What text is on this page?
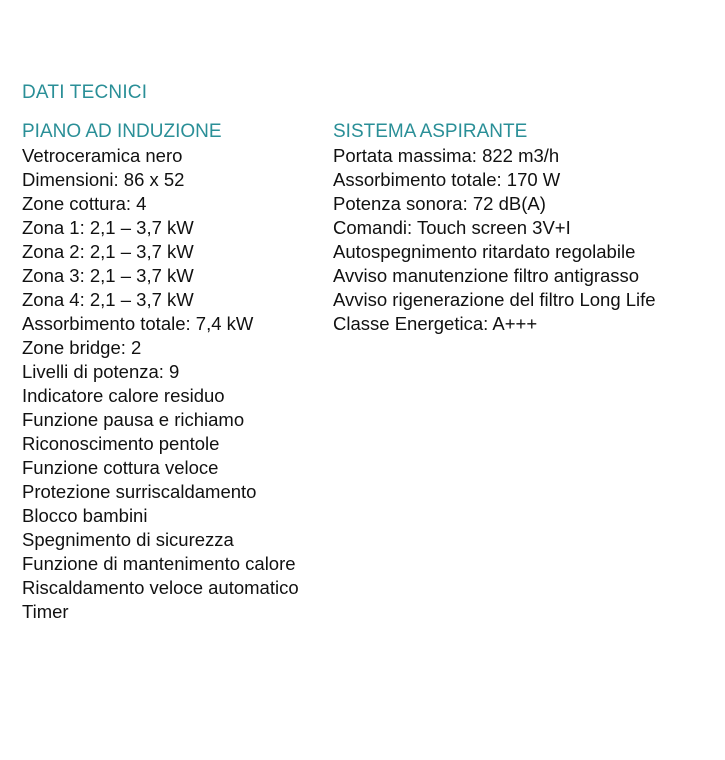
DATI TECNICI
PIANO AD INDUZIONE
Vetroceramica nero
Dimensioni: 86 x 52
Zone cottura: 4
Zona 1: 2,1 – 3,7 kW
Zona 2: 2,1 – 3,7 kW
Zona 3: 2,1 – 3,7 kW
Zona 4: 2,1 – 3,7 kW
Assorbimento totale: 7,4 kW
Zone bridge: 2
Livelli di potenza: 9
Indicatore calore residuo
Funzione pausa e richiamo
Riconoscimento pentole
Funzione cottura veloce
Protezione surriscaldamento
Blocco bambini
Spegnimento di sicurezza
Funzione di mantenimento calore
Riscaldamento veloce automatico
Timer
SISTEMA ASPIRANTE
Portata massima: 822 m3/h
Assorbimento totale: 170 W
Potenza sonora: 72 dB(A)
Comandi: Touch screen 3V+I
Autospegnimento ritardato regolabile
Avviso manutenzione filtro antigrasso
Avviso rigenerazione del filtro Long Life
Classe Energetica: A+++
